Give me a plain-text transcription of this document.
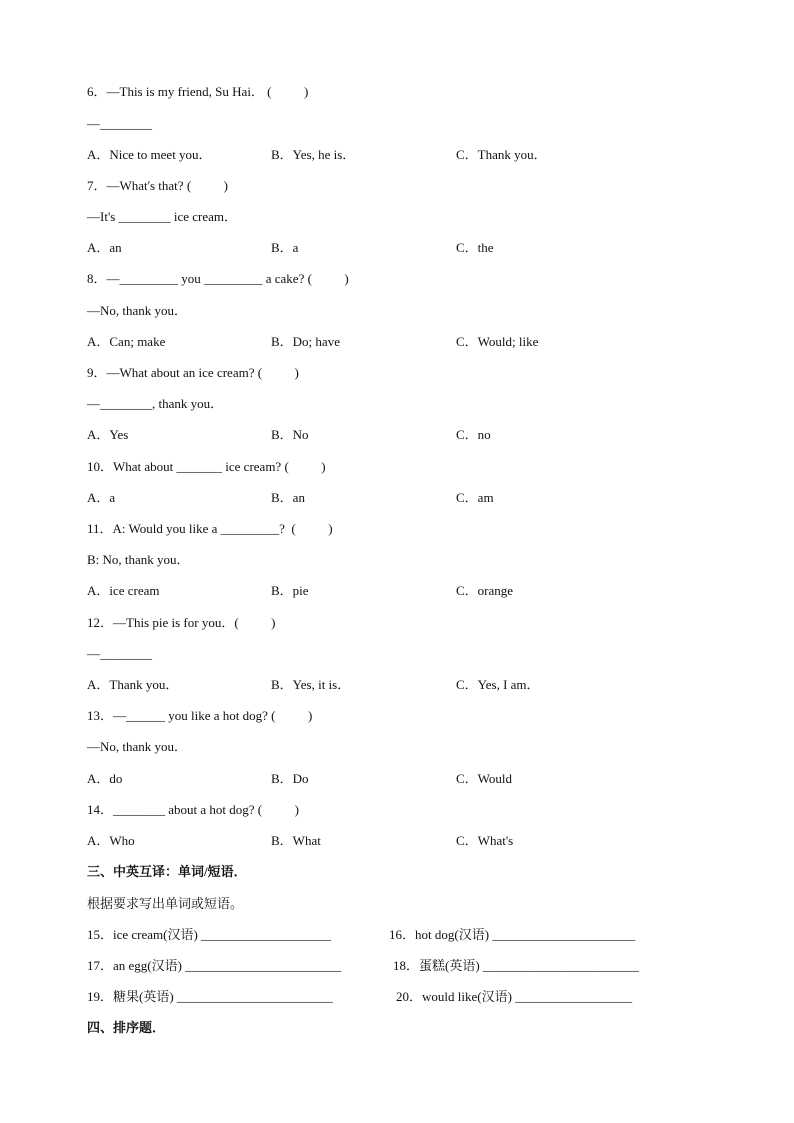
6．—This is my friend, Su Hai． (          )
—________
A．Nice to meet you．	B．Yes, he is．	C．Thank you．
7．—What's that? (          )
—It's ________ ice cream．
A．an	B．a	C．the
8．—_________ you _________ a cake? (          )
—No, thank you．
A．Can; make	B．Do; have	C．Would; like
9．—What about an ice cream? (          )
—________, thank you．
A．Yes	B．No	C．no
10．What about _______ ice cream? (          )
A．a	B．an	C．am
11．A: Would you like a _________?  (          )
B: No, thank you．
A．ice cream	B．pie	C．orange
12．—This pie is for you．(          )
—________
A．Thank you．	B．Yes, it is．	C．Yes, I am．
13．—______ you like a hot dog? (          )
—No, thank you．
A．do	B．Do	C．Would
14．________ about a hot dog? (          )
A．Who	B．What	C．What's
三、中英互译：单词/短语．
根据要求写出单词或短语。
15．ice cream(汉语) ____________________	16．hot dog(汉语) ______________________
17．an egg(汉语) ________________________	18．蛋糕(英语) ________________________
19．糖果(英语) ________________________	20．would like(汉语) __________________
四、排序题．
